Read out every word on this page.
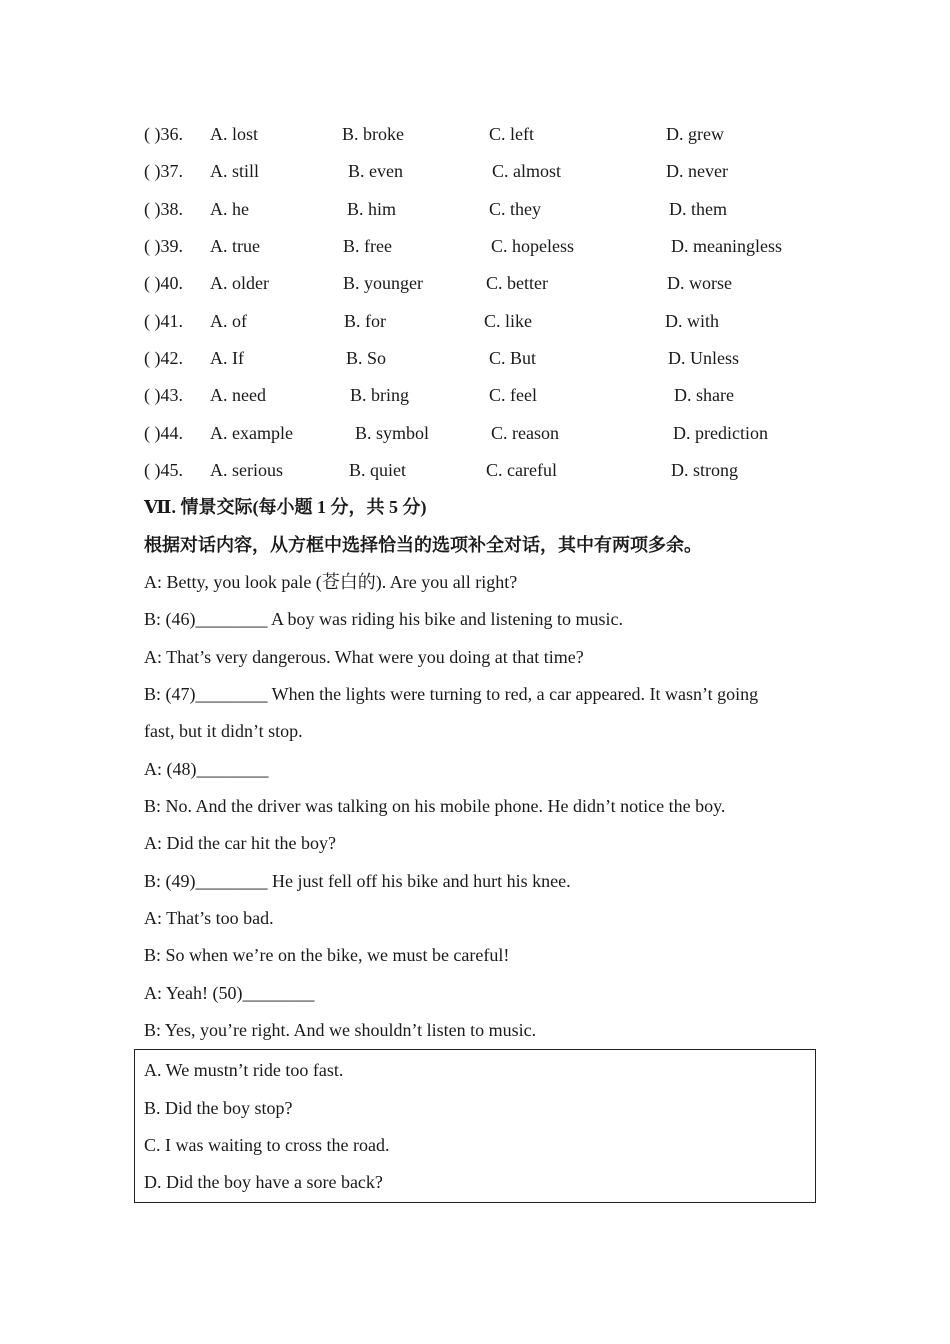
( )36. A. lost	B. broke	C. left	D. grew
( )37. A. still	B. even	C. almost	D. never
( )38. A. he	B. him	C. they	D. them
( )39. A. true	B. free	C. hopeless	D. meaningless
( )40. A. older	B. younger	C. better	D. worse
( )41. A. of	B. for	C. like	D. with
( )42. A. If	B. So	C. But	D. Unless
( )43. A. need	B. bring	C. feel	D. share
( )44. A. example	B. symbol	C. reason	D. prediction
( )45. A. serious	B. quiet	C. careful	D. strong
Ⅶ. 情景交际(每小题 1 分，共 5 分)
根据对话内容，从方框中选择恰当的选项补全对话，其中有两项多余。
A: Betty, you look pale (苍白的). Are you all right?
B: (46)________ A boy was riding his bike and listening to music.
A: That’s very dangerous. What were you doing at that time?
B: (47)________ When the lights were turning to red, a car appeared. It wasn’t going
fast, but it didn’t stop.
A: (48)________
B: No. And the driver was talking on his mobile phone. He didn’t notice the boy.
A: Did the car hit the boy?
B: (49)________ He just fell off his bike and hurt his knee.
A: That’s too bad.
B: So when we’re on the bike, we must be careful!
A: Yeah! (50)________
B: Yes, you’re right. And we shouldn’t listen to music.
A. We mustn’t ride too fast.
B. Did the boy stop?
C. I was waiting to cross the road.
D. Did the boy have a sore back?
